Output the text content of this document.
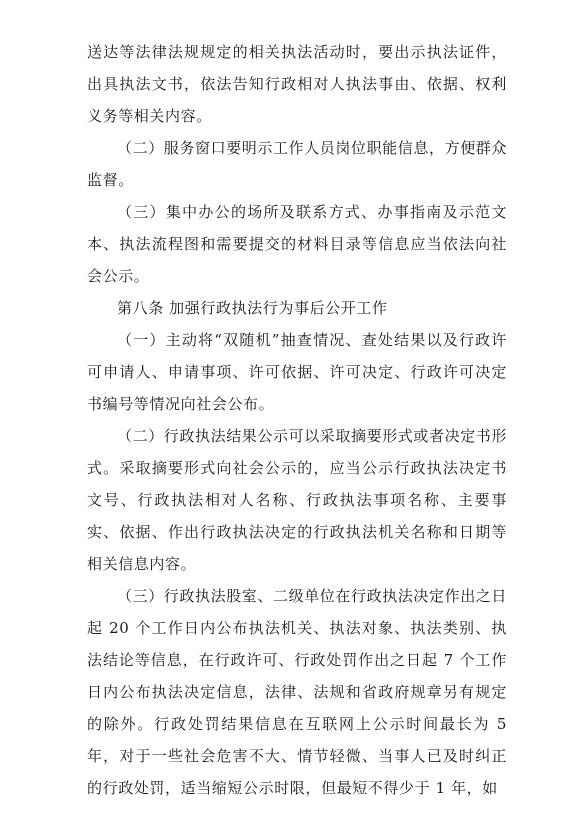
送达等法律法规规定的相关执法活动时，要出示执法证件，出具执法文书，依法告知行政相对人执法事由、依据、权利义务等相关内容。

（二）服务窗口要明示工作人员岗位职能信息，方便群众监督。

（三）集中办公的场所及联系方式、办事指南及示范文本、执法流程图和需要提交的材料目录等信息应当依法向社会公示。

第八条 加强行政执法行为事后公开工作

（一）主动将“双随机”抽查情况、查处结果以及行政许可申请人、申请事项、许可依据、许可决定、行政许可决定书编号等情况向社会公布。

（二）行政执法结果公示可以采取摘要形式或者决定书形式。采取摘要形式向社会公示的，应当公示行政执法决定书文号、行政执法相对人名称、行政执法事项名称、主要事实、依据、作出行政执法决定的行政执法机关名称和日期等相关信息内容。

（三）行政执法股室、二级单位在行政执法决定作出之日起 20 个工作日内公布执法机关、执法对象、执法类别、执法结论等信息，在行政许可、行政处罚作出之日起 7 个工作日内公布执法决定信息，法律、法规和省政府规章另有规定的除外。行政处罚结果信息在互联网上公示时间最长为 5 年，对于一些社会危害不大、情节轻微、当事人已及时纠正的行政处罚，适当缩短公示时限，但最短不得少于 1 年，如
